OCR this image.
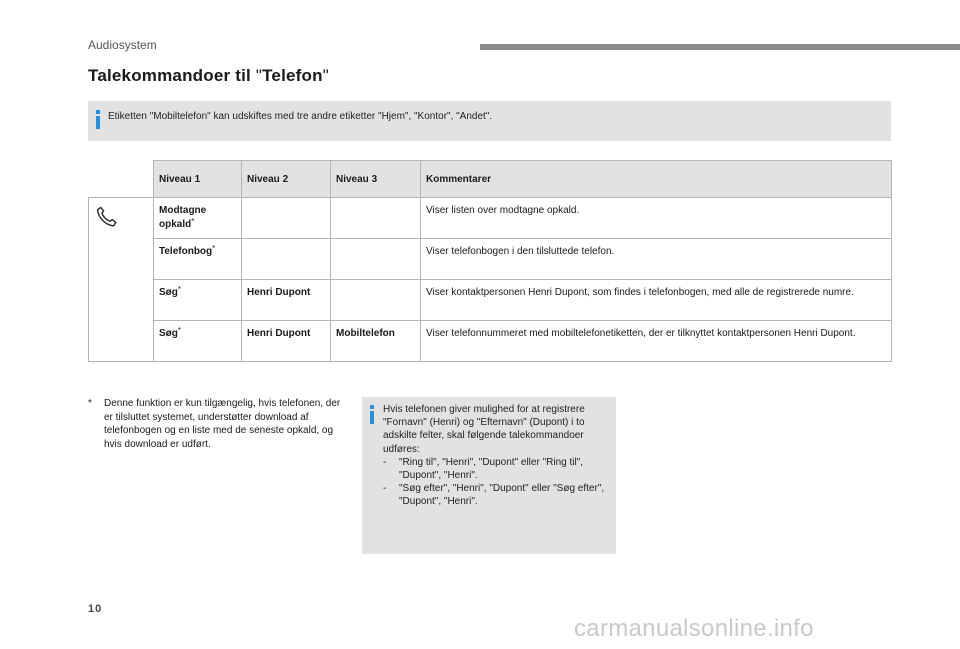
Audiosystem
Talekommandoer til "Telefon"
Etiketten "Mobiltelefon" kan udskiftes med tre andre etiketter "Hjem", "Kontor", "Andet".
	Niveau 1	Niveau 2	Niveau 3	Kommentarer
	Modtagne opkald*			Viser listen over modtagne opkald.
	Telefonbog*			Viser telefonbogen i den tilsluttede telefon.
	Søg*	Henri Dupont		Viser kontaktpersonen Henri Dupont, som findes i telefonbogen, med alle de registrerede numre.
	Søg*	Henri Dupont	Mobiltelefon	Viser telefonnummeret med mobiltelefonetiketten, der er tilknyttet kontaktpersonen Henri Dupont.
* Denne funktion er kun tilgængelig, hvis telefonen, der er tilsluttet systemet, understøtter download af telefonbogen og en liste med de seneste opkald, og hvis download er udført.
Hvis telefonen giver mulighed for at registrere "Fornavn" (Henri) og "Efternavn" (Dupont) i to adskilte felter, skal følgende talekommandoer udføres:
- "Ring til", "Henri", "Dupont" eller "Ring til", "Dupont", "Henri".
- "Søg efter", "Henri", "Dupont" eller "Søg efter", "Dupont", "Henri".
10
carmanualsonline.info
